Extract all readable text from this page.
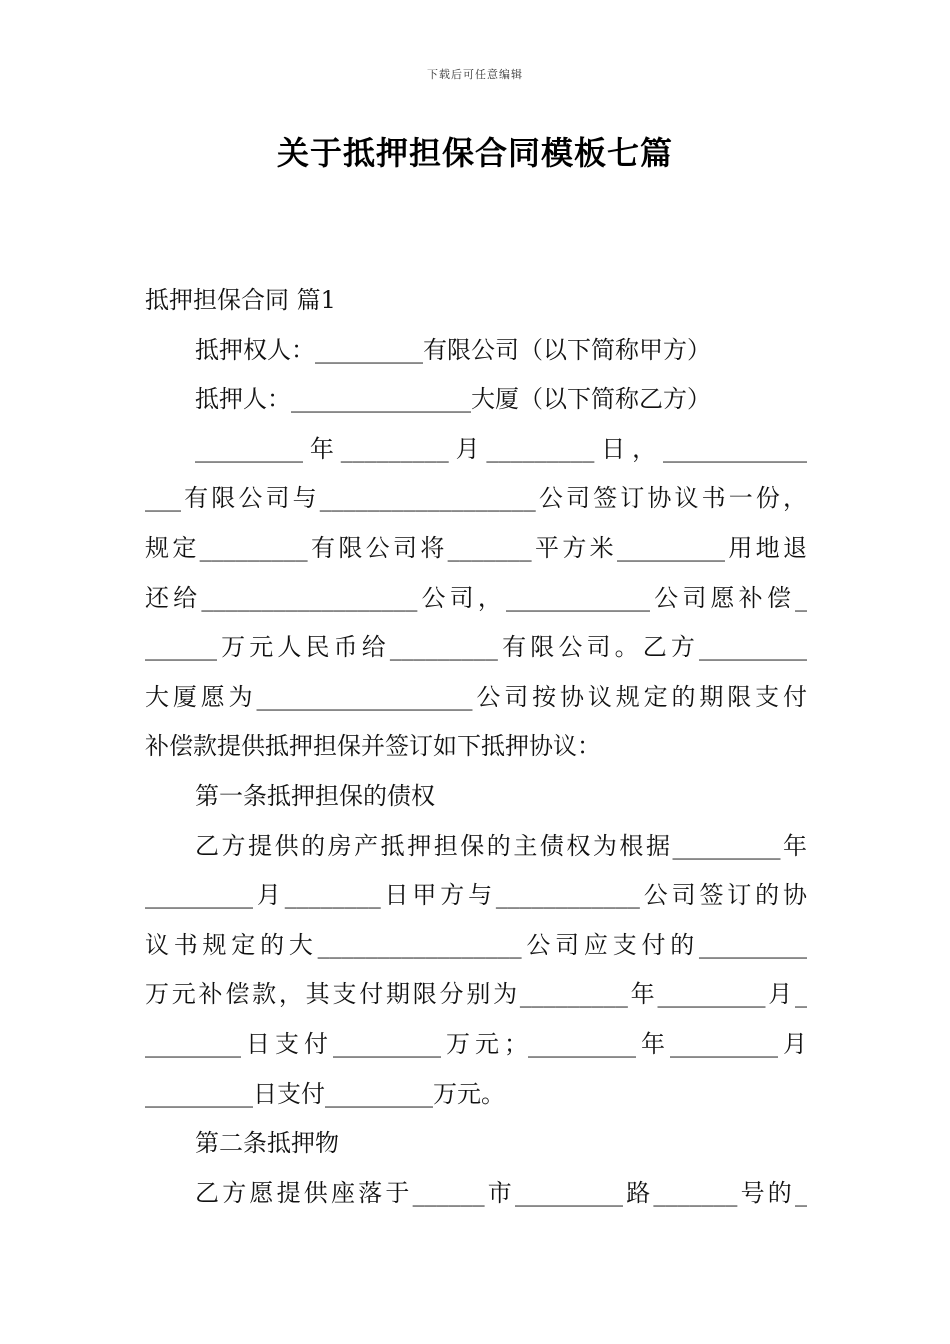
下载后可任意编辑
关于抵押担保合同模板七篇
抵押担保合同 篇1
抵押权人：_________有限公司（以下简称甲方）
抵押人：_______________大厦（以下简称乙方）
_________年_________月_________日，____________
___有限公司与__________________公司签订协议书一份，
规定_________有限公司将_______平方米_________用地退
还给__________________公司，____________公司愿补偿_
______万元人民币给_________有限公司。乙方_________
大厦愿为__________________公司按协议规定的期限支付
补偿款提供抵押担保并签订如下抵押协议：
第一条抵押担保的债权
乙方提供的房产抵押担保的主债权为根据_________年
_________月________日甲方与____________公司签订的协
议书规定的大_________________公司应支付的_________
万元补偿款，其支付期限分别为_________年_________月_
________日支付_________万元；_________年_________月
_________日支付_________万元。
第二条抵押物
乙方愿提供座落于______市_________路_______号的_
